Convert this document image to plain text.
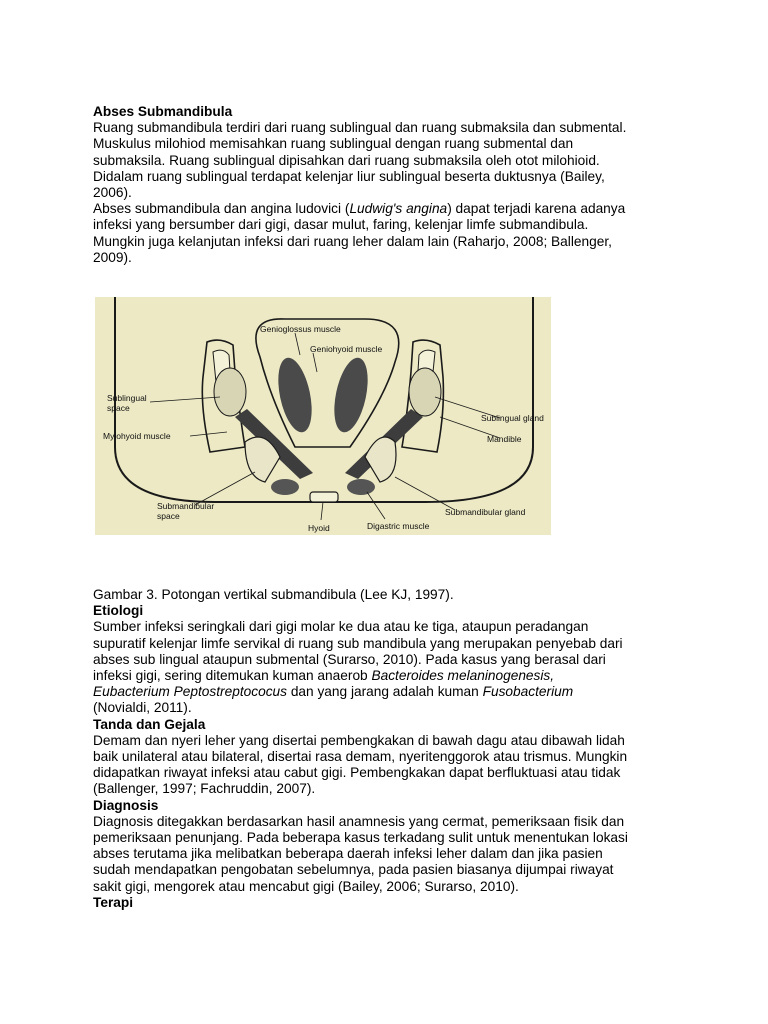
Abses Submandibula

Ruang submandibula terdiri dari ruang sublingual dan ruang submaksila dan submental.
Muskulus milohiod memisahkan ruang sublingual dengan ruang submental dan
submaksila. Ruang sublingual dipisahkan dari ruang submaksila oleh otot milohioid.
Didalam ruang sublingual terdapat kelenjar liur sublingual beserta duktusnya (Bailey,
2006).

Abses submandibula dan angina ludovici (Ludwig's angina) dapat terjadi karena adanya
infeksi yang bersumber dari gigi, dasar mulut, faring, kelenjar limfe submandibula.
Mungkin juga kelanjutan infeksi dari ruang leher dalam lain (Raharjo, 2008; Ballenger,
2009).

Genioglossus muscle
Geniohyoid muscle
Sublingual
space
Mylohyoid muscle
Submandibular
space
Hyoid	Digastric muscle
Submandibular gland
Sublingual gland
Mandible

Gambar 3. Potongan vertikal submandibula (Lee KJ, 1997).

Etiologi

Sumber infeksi seringkali dari gigi molar ke dua atau ke tiga, ataupun peradangan
supuratif kelenjar limfe servikal di ruang sub mandibula yang merupakan penyebab dari
abses sub lingual ataupun submental (Surarso, 2010). Pada kasus yang berasal dari
infeksi gigi, sering ditemukan kuman anaerob Bacteroides melaninogenesis,
Eubacterium Peptostreptococus dan yang jarang adalah kuman Fusobacterium
(Novialdi, 2011).

Tanda dan Gejala

Demam dan nyeri leher yang disertai pembengkakan di bawah dagu atau dibawah lidah
baik unilateral atau bilateral, disertai rasa demam, nyeritenggorok atau trismus. Mungkin
didapatkan riwayat infeksi atau cabut gigi. Pembengkakan dapat berfluktuasi atau tidak
(Ballenger, 1997; Fachruddin, 2007).

Diagnosis

Diagnosis ditegakkan berdasarkan hasil anamnesis yang cermat, pemeriksaan fisik dan
pemeriksaan penunjang. Pada beberapa kasus terkadang sulit untuk menentukan lokasi
abses terutama jika melibatkan beberapa daerah infeksi leher dalam dan jika pasien
sudah mendapatkan pengobatan sebelumnya, pada pasien biasanya dijumpai riwayat
sakit gigi, mengorek atau mencabut gigi (Bailey, 2006; Surarso, 2010).

Terapi
